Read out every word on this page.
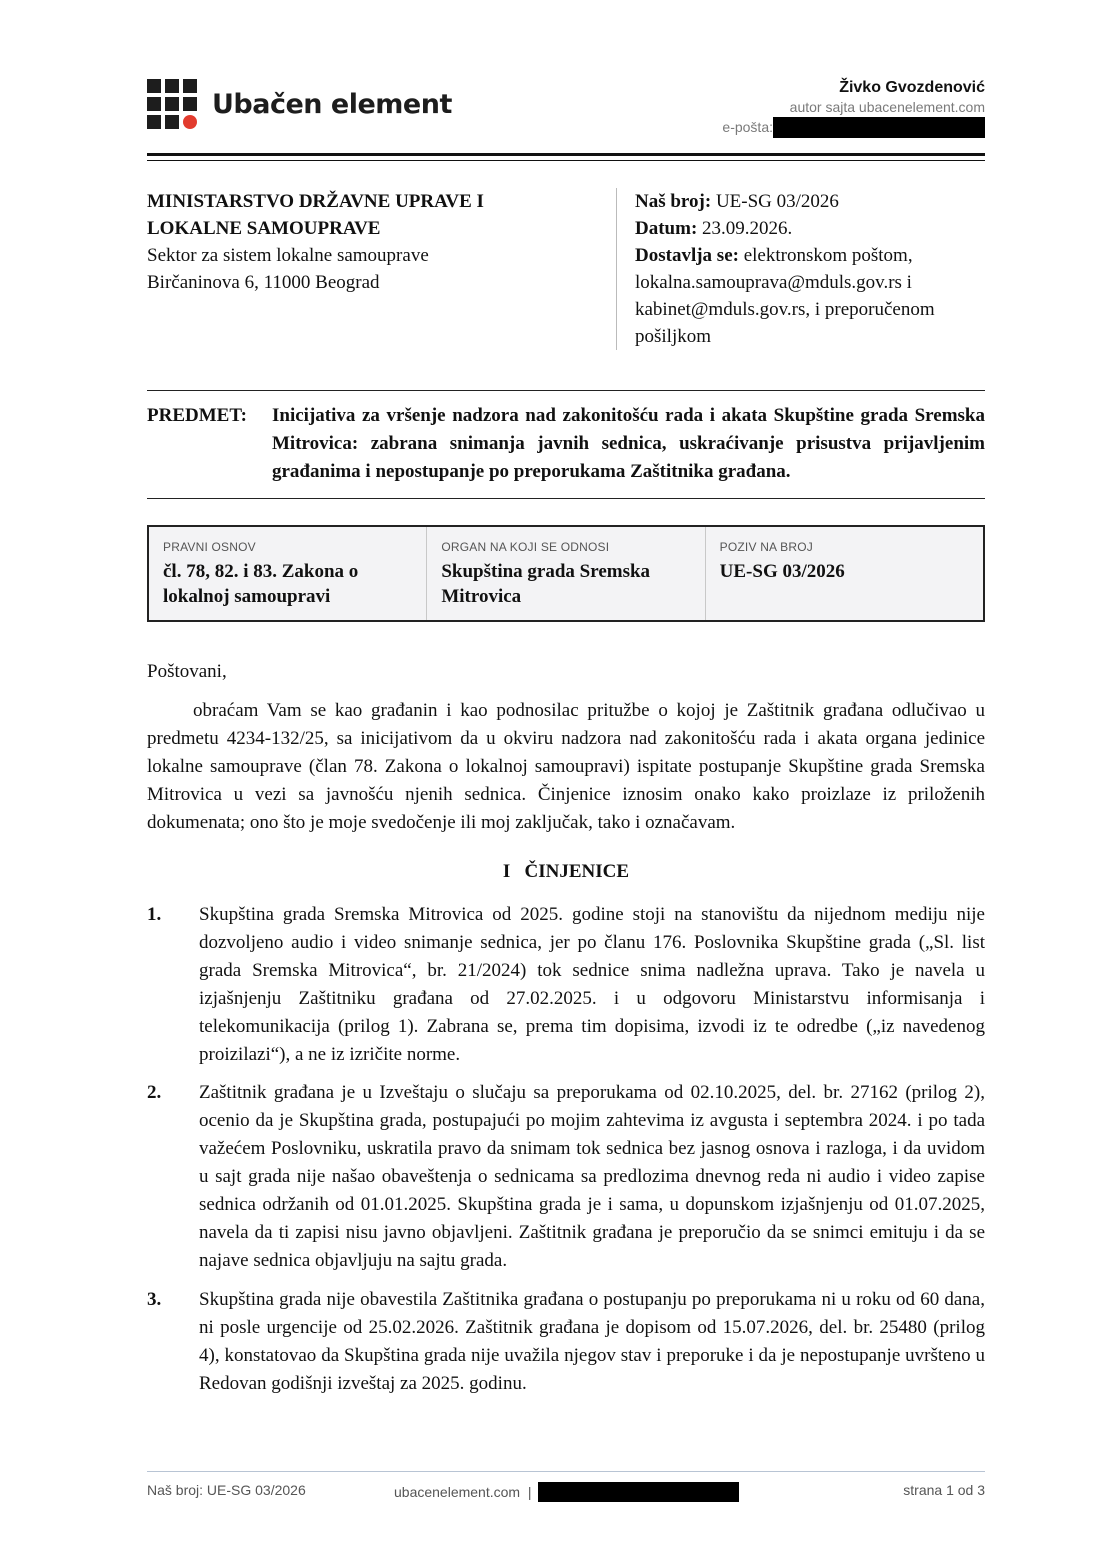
Ubačen element
Živko Gvozdenović
autor sajta ubacenelement.com
e-pošta:
MINISTARSTVO DRŽAVNE UPRAVE I
LOKALNE SAMOUPRAVE
Sektor za sistem lokalne samouprave
Birčaninova 6, 11000 Beograd
Naš broj: UE-SG 03/2026
Datum: 23.09.2026.
Dostavlja se: elektronskom poštom, lokalna.samouprava@mduls.gov.rs i kabinet@mduls.gov.rs, i preporučenom pošiljkom
PREDMET: Inicijativa za vršenje nadzora nad zakonitošću rada i akata Skupštine grada Sremska Mitrovica: zabrana snimanja javnih sednica, uskraćivanje prisustva prijavljenim građanima i nepostupanje po preporukama Zaštitnika građana.
PRAVNI OSNOV
čl. 78, 82. i 83. Zakona o lokalnoj samoupravi
ORGAN NA KOJI SE ODNOSI
Skupština grada Sremska Mitrovica
POZIV NA BROJ
UE-SG 03/2026
Poštovani,
obraćam Vam se kao građanin i kao podnosilac pritužbe o kojoj je Zaštitnik građana odlučivao u predmetu 4234-132/25, sa inicijativom da u okviru nadzora nad zakonitošću rada i akata organa jedinice lokalne samouprave (član 78. Zakona o lokalnoj samoupravi) ispitate postupanje Skupštine grada Sremska Mitrovica u vezi sa javnošću njenih sednica. Činjenice iznosim onako kako proizlaze iz priloženih dokumenata; ono što je moje svedočenje ili moj zaključak, tako i označavam.
I   ČINJENICE
1. Skupština grada Sremska Mitrovica od 2025. godine stoji na stanovištu da nijednom mediju nije dozvoljeno audio i video snimanje sednica, jer po članu 176. Poslovnika Skupštine grada („Sl. list grada Sremska Mitrovica“, br. 21/2024) tok sednice snima nadležna uprava. Tako je navela u izjašnjenju Zaštitniku građana od 27.02.2025. i u odgovoru Ministarstvu informisanja i telekomunikacija (prilog 1). Zabrana se, prema tim dopisima, izvodi iz te odredbe („iz navedenog proizilazi“), a ne iz izričite norme.
2. Zaštitnik građana je u Izveštaju o slučaju sa preporukama od 02.10.2025, del. br. 27162 (prilog 2), ocenio da je Skupština grada, postupajući po mojim zahtevima iz avgusta i septembra 2024. i po tada važećem Poslovniku, uskratila pravo da snimam tok sednica bez jasnog osnova i razloga, i da uvidom u sajt grada nije našao obaveštenja o sednicama sa predlozima dnevnog reda ni audio i video zapise sednica održanih od 01.01.2025. Skupština grada je i sama, u dopunskom izjašnjenju od 01.07.2025, navela da ti zapisi nisu javno objavljeni. Zaštitnik građana je preporučio da se snimci emituju i da se najave sednica objavljuju na sajtu grada.
3. Skupština grada nije obavestila Zaštitnika građana o postupanju po preporukama ni u roku od 60 dana, ni posle urgencije od 25.02.2026. Zaštitnik građana je dopisom od 15.07.2026, del. br. 25480 (prilog 4), konstatovao da Skupština grada nije uvažila njegov stav i preporuke i da je nepostupanje uvršteno u Redovan godišnji izveštaj za 2025. godinu.
Naš broj: UE-SG 03/2026	ubacenelement.com  |	strana 1 od 3
